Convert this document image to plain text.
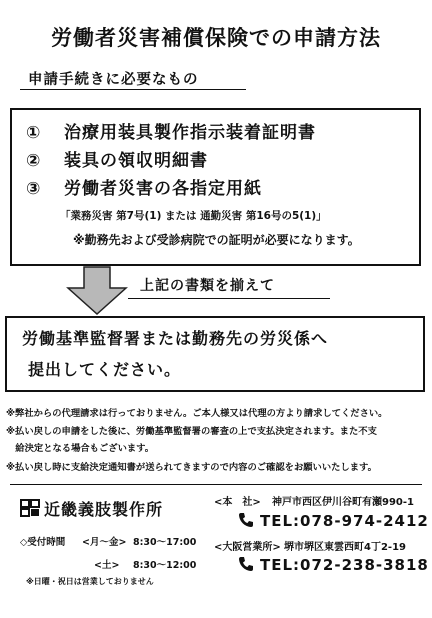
労働者災害補償保険での申請方法
申請手続きに必要なもの
① 治療用装具製作指示装着証明書
② 装具の領収明細書
③ 労働者災害の各指定用紙
「業務災害 第7号(1) または 通勤災害 第16号の5(1)」
※勤務先および受診病院での証明が必要になります。
上記の書類を揃えて
労働基準監督署または勤務先の労災係へ
提出してください。
※弊社からの代理請求は行っておりません。ご本人様又は代理の方より請求してください。
※払い戻しの申請をした後に、労働基準監督署の審査の上で支払決定されます。また不支
　給決定となる場合もございます。
※払い戻し時に支給決定通知書が送られてきますので内容のご確認をお願いいたします。
近畿義肢製作所
◇受付時間 <月～金> 8:30～17:00
<土> 8:30～12:00
※日曜・祝日は営業しておりません
<本　社> 神戸市西区伊川谷町有瀬990-1
TEL:078-974-2412
<大阪営業所> 堺市堺区東雲西町4丁2-19
TEL:072-238-3818
